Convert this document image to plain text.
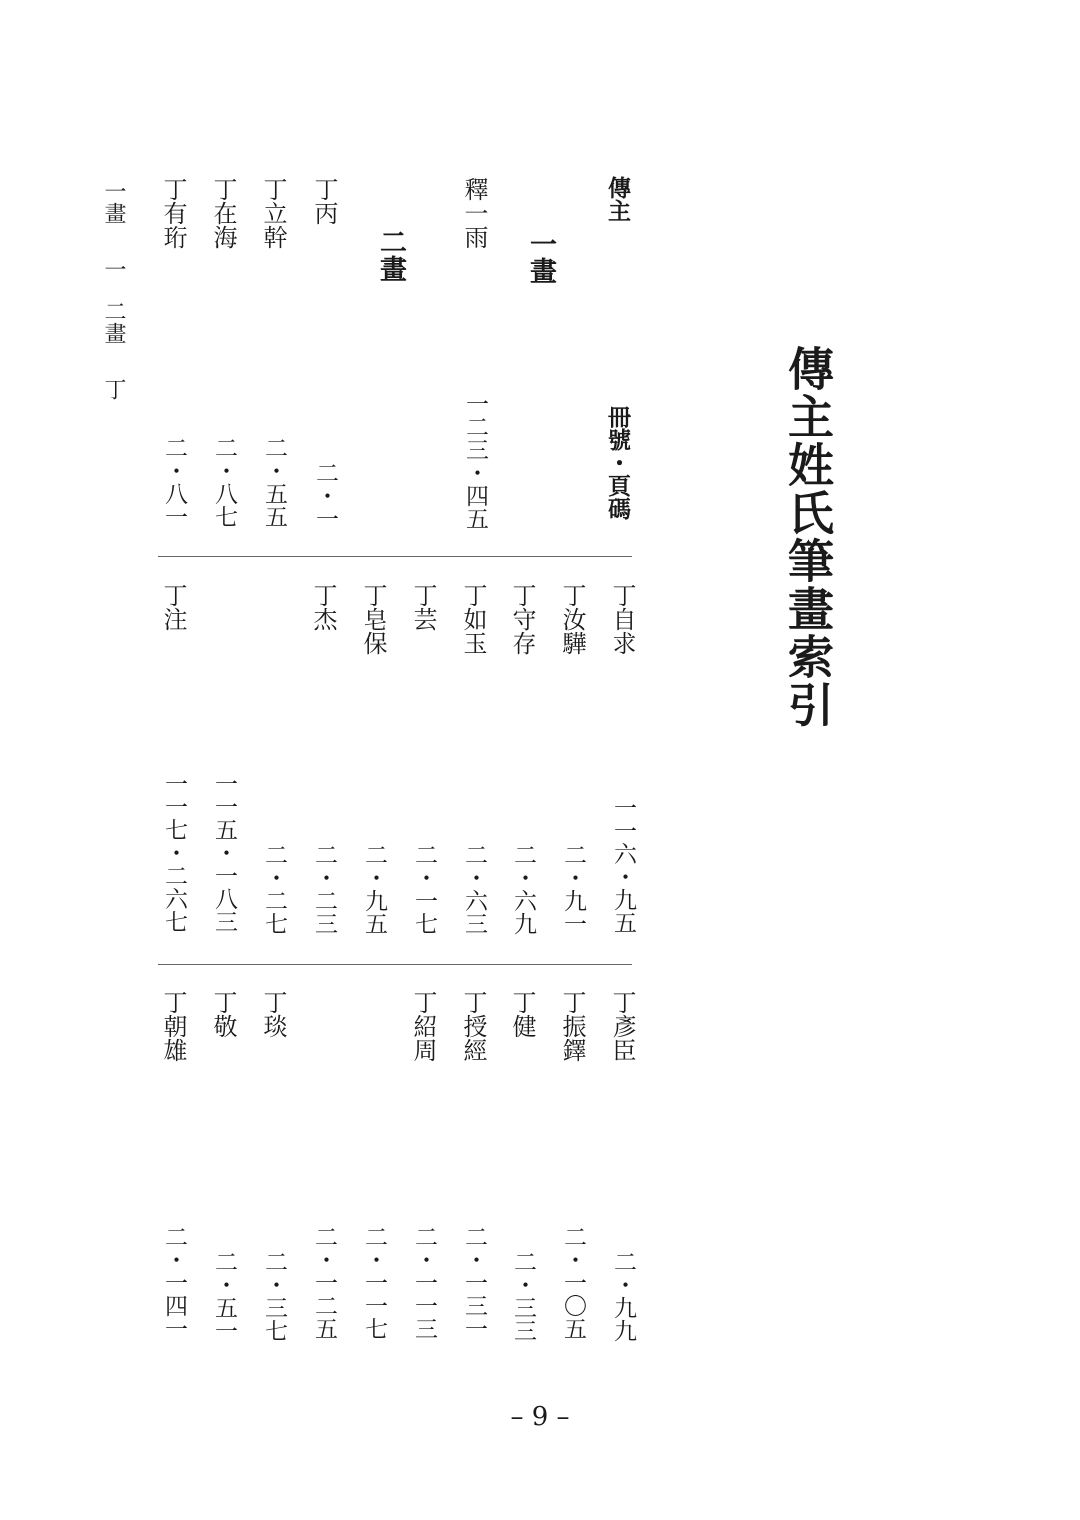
傳主姓氏筆畫索引
一畫
一
二畫
丁
傳主
冊號・頁碼
一畫
二畫
釋一雨
一二三・四五
丁丙
二・一
丁立幹
二・五五
丁在海
二・八七
丁有珩
二・八一
丁自求
一一六・九五
丁汝驊
二・九一
丁守存
二・六九
丁如玉
二・六三
丁芸
二・一七
丁皂保
二・九五
丁杰
二・二三
二・二七
一一五・一八三
丁注
一一七・二六七
丁彥臣
二・九九
丁振鐸
二・一〇五
丁健
二・三三
丁授經
二・一三一
丁紹周
二・一一三
二・一一七
二・一二五
丁琰
二・三七
丁敬
二・五一
丁朝雄
二・一四一
– 9 –
